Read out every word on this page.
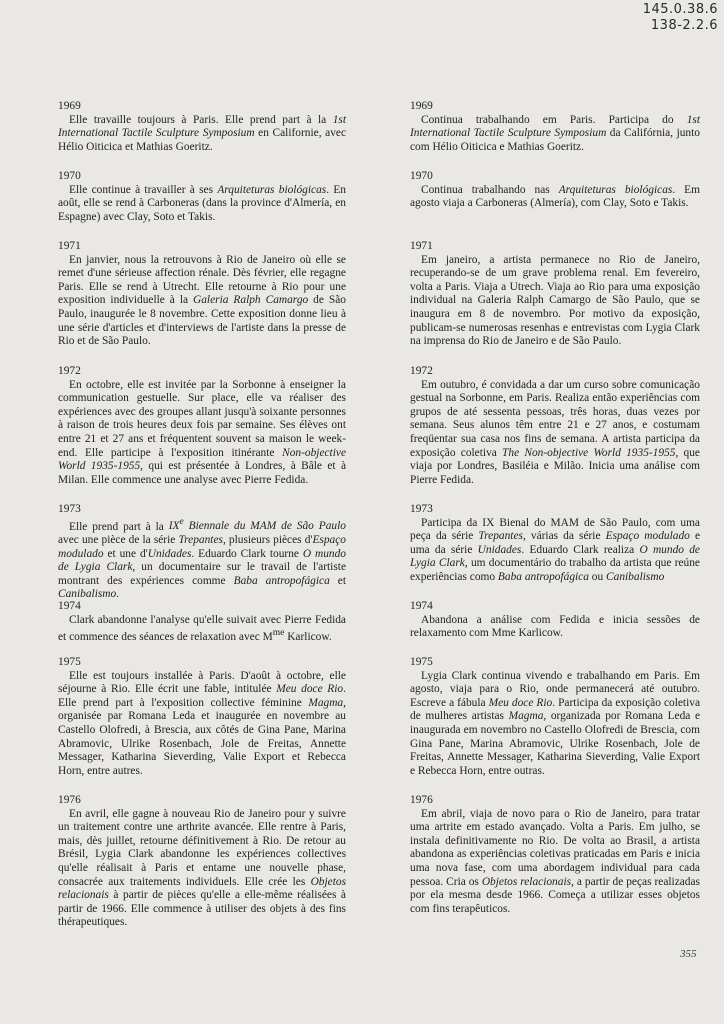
145.0.38.6
138-2.2.6

1969

Elle travaille toujours à Paris. Elle prend part à la 1st International Tactile Sculpture Symposium en Californie, avec Hélio Oiticica et Mathias Goeritz.

1970

Elle continue à travailler à ses Arquiteturas biológicas. En août, elle se rend à Carboneras (dans la province d'Almería, en Espagne) avec Clay, Soto et Takis.

1971

En janvier, nous la retrouvons à Rio de Janeiro où elle se remet d'une sérieuse affection rénale. Dès février, elle regagne Paris. Elle se rend à Utrecht. Elle retourne à Rio pour une exposition individuelle à la Galeria Ralph Camargo de São Paulo, inaugurée le 8 novembre. Cette exposition donne lieu à une série d'articles et d'interviews de l'artiste dans la presse de Rio et de São Paulo.

1972

En octobre, elle est invitée par la Sorbonne à enseigner la communication gestuelle. Sur place, elle va réaliser des expériences avec des groupes allant jusqu'à soixante personnes à raison de trois heures deux fois par semaine. Ses élèves ont entre 21 et 27 ans et fréquentent souvent sa maison le week-end. Elle participe à l'exposition itinérante Non-objective World 1935-1955, qui est présentée à Londres, à Bâle et à Milan. Elle commence une analyse avec Pierre Fedida.

1973

Elle prend part à la IXe Biennale du MAM de São Paulo avec une pièce de la série Trepantes, plusieurs pièces d'Espaço modulado et une d'Unidades. Eduardo Clark tourne O mundo de Lygia Clark, un documentaire sur le travail de l'artiste montrant des expériences comme Baba antropofágica et Canibalismo.

1974

Clark abandonne l'analyse qu'elle suivait avec Pierre Fedida et commence des séances de relaxation avec $M^{me}$ Karlicow.

1975

Elle est toujours installée à Paris. D'août à octobre, elle séjourne à Rio. Elle écrit une fable, intitulée Meu doce Rio. Elle prend part à l'exposition collective féminine Magma, organisée par Romana Leda et inaugurée en novembre au Castello Olofredi, à Brescia, aux côtés de Gina Pane, Marina Abramovic, Ulrike Rosenbach, Jole de Freitas, Annette Messager, Katharina Sieverding, Valie Export et Rebecca Horn, entre autres.

1976

En avril, elle gagne à nouveau Rio de Janeiro pour y suivre un traitement contre une arthrite avancée. Elle rentre à Paris, mais, dès juillet, retourne définitivement à Rio. De retour au Brésil, Lygia Clark abandonne les expériences collectives qu'elle réalisait à Paris et entame une nouvelle phase, consacrée aux traitements individuels. Elle crée les Objetos relacionais à partir de pièces qu'elle a elle-même réalisées à partir de 1966. Elle commence à utiliser des objets à des fins thérapeutiques.

1969

Continua trabalhando em Paris. Participa do 1st International Tactile Sculpture Symposium da Califórnia, junto com Hélio Oiticica e Mathias Goeritz.

1970

Continua trabalhando nas Arquiteturas biológicas. Em agosto viaja a Carboneras (Almería), com Clay, Soto e Takis.

1971

Em janeiro, a artista permanece no Rio de Janeiro, recuperando-se de um grave problema renal. Em fevereiro, volta a Paris. Viaja a Utrech. Viaja ao Rio para uma exposição individual na Galeria Ralph Camargo de São Paulo, que se inaugura em 8 de novembro. Por motivo da exposição, publicam-se numerosas resenhas e entrevistas com Lygia Clark na imprensa do Rio de Janeiro e de São Paulo.

1972

Em outubro, é convidada a dar um curso sobre comunicação gestual na Sorbonne, em Paris. Realiza então experiências com grupos de até sessenta pessoas, três horas, duas vezes por semana. Seus alunos têm entre 21 e 27 anos, e costumam freqüentar sua casa nos fins de semana. A artista participa da exposição coletiva The Non-objective World 1935-1955, que viaja por Londres, Basiléia e Milão. Inicia uma análise com Pierre Fedida.

1973

Participa da IX Bienal do MAM de São Paulo, com uma peça da série Trepantes, várias da série Espaço modulado e uma da série Unidades. Eduardo Clark realiza O mundo de Lygia Clark, um documentário do trabalho da artista que reúne experiências como Baba antropofágica ou Canibalismo

1974

Abandona a análise com Fedida e inicia sessões de relaxamento com Mme Karlicow.

1975

Lygia Clark continua vivendo e trabalhando em Paris. Em agosto, viaja para o Rio, onde permanecerá até outubro. Escreve a fábula Meu doce Rio. Participa da exposição coletiva de mulheres artistas Magma, organizada por Romana Leda e inaugurada em novembro no Castello Olofredi de Brescia, com Gina Pane, Marina Abramovic, Ulrike Rosenbach, Jole de Freitas, Annette Messager, Katharina Sieverding, Valie Export e Rebecca Horn, entre outras.

1976

Em abril, viaja de novo para o Rio de Janeiro, para tratar uma artrite em estado avançado. Volta a Paris. Em julho, se instala definitivamente no Rio. De volta ao Brasil, a artista abandona as experiências coletivas praticadas em Paris e inicia uma nova fase, com uma abordagem individual para cada pessoa. Cria os Objetos relacionais, a partir de peças realizadas por ela mesma desde 1966. Começa a utilizar esses objetos com fins terapêuticos.

355
